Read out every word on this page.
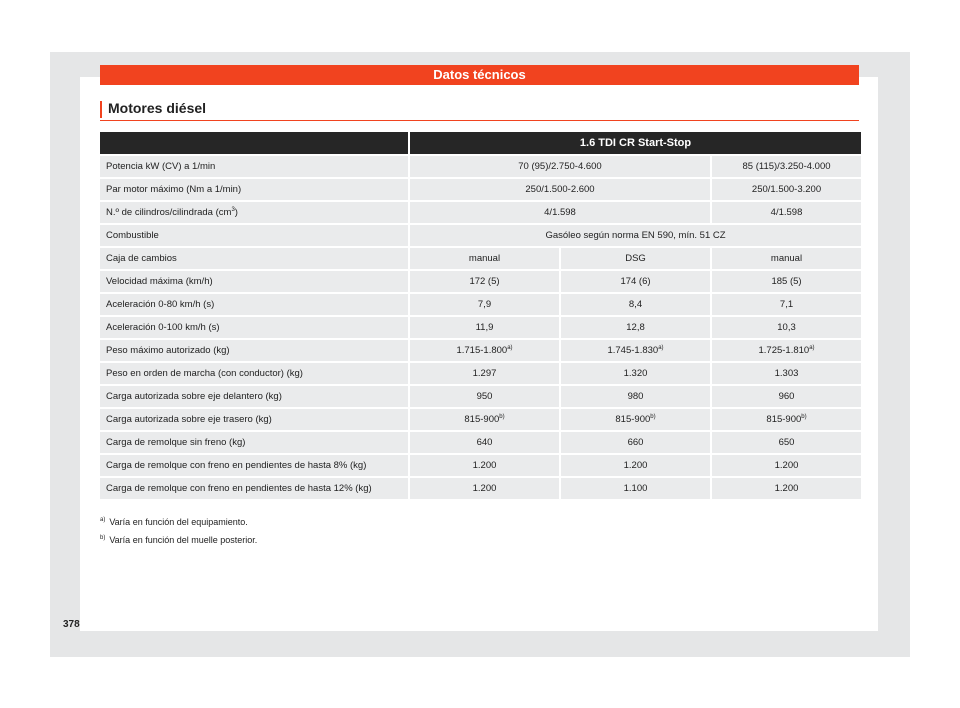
Datos técnicos
Motores diésel
	1.6 TDI CR Start-Stop		
Potencia kW (CV) a 1/min	70 (95)/2.750-4.600		85 (115)/3.250-4.000
Par motor máximo (Nm a 1/min)	250/1.500-2.600		250/1.500-3.200
N.º de cilindros/cilindrada $(cm^3)$	4/1.598		4/1.598
Combustible	Gasóleo según norma EN 590, mín. 51 CZ		
Caja de cambios	manual	DSG	manual
Velocidad máxima (km/h)	172 (5)	174 (6)	185 (5)
Aceleración 0-80 km/h (s)	7,9	8,4	7,1
Aceleración 0-100 km/h (s)	11,9	12,8	10,3
Peso máximo autorizado (kg)	1.715-1.800$^{a)}$	1.745-1.830$^{a)}$	1.725-1.810$^{a)}$
Peso en orden de marcha (con conductor) (kg)	1.297	1.320	1.303
Carga autorizada sobre eje delantero (kg)	950	980	960
Carga autorizada sobre eje trasero (kg)	815-900$^{b)}$	815-900$^{b)}$	815-900$^{b)}$
Carga de remolque sin freno (kg)	640	660	650
Carga de remolque con freno en pendientes de hasta 8% (kg)	1.200	1.200	1.200
Carga de remolque con freno en pendientes de hasta 12% (kg)	1.200	1.100	1.200
$^{a)}$ Varía en función del equipamiento.
$^{b)}$ Varía en función del muelle posterior.
378
